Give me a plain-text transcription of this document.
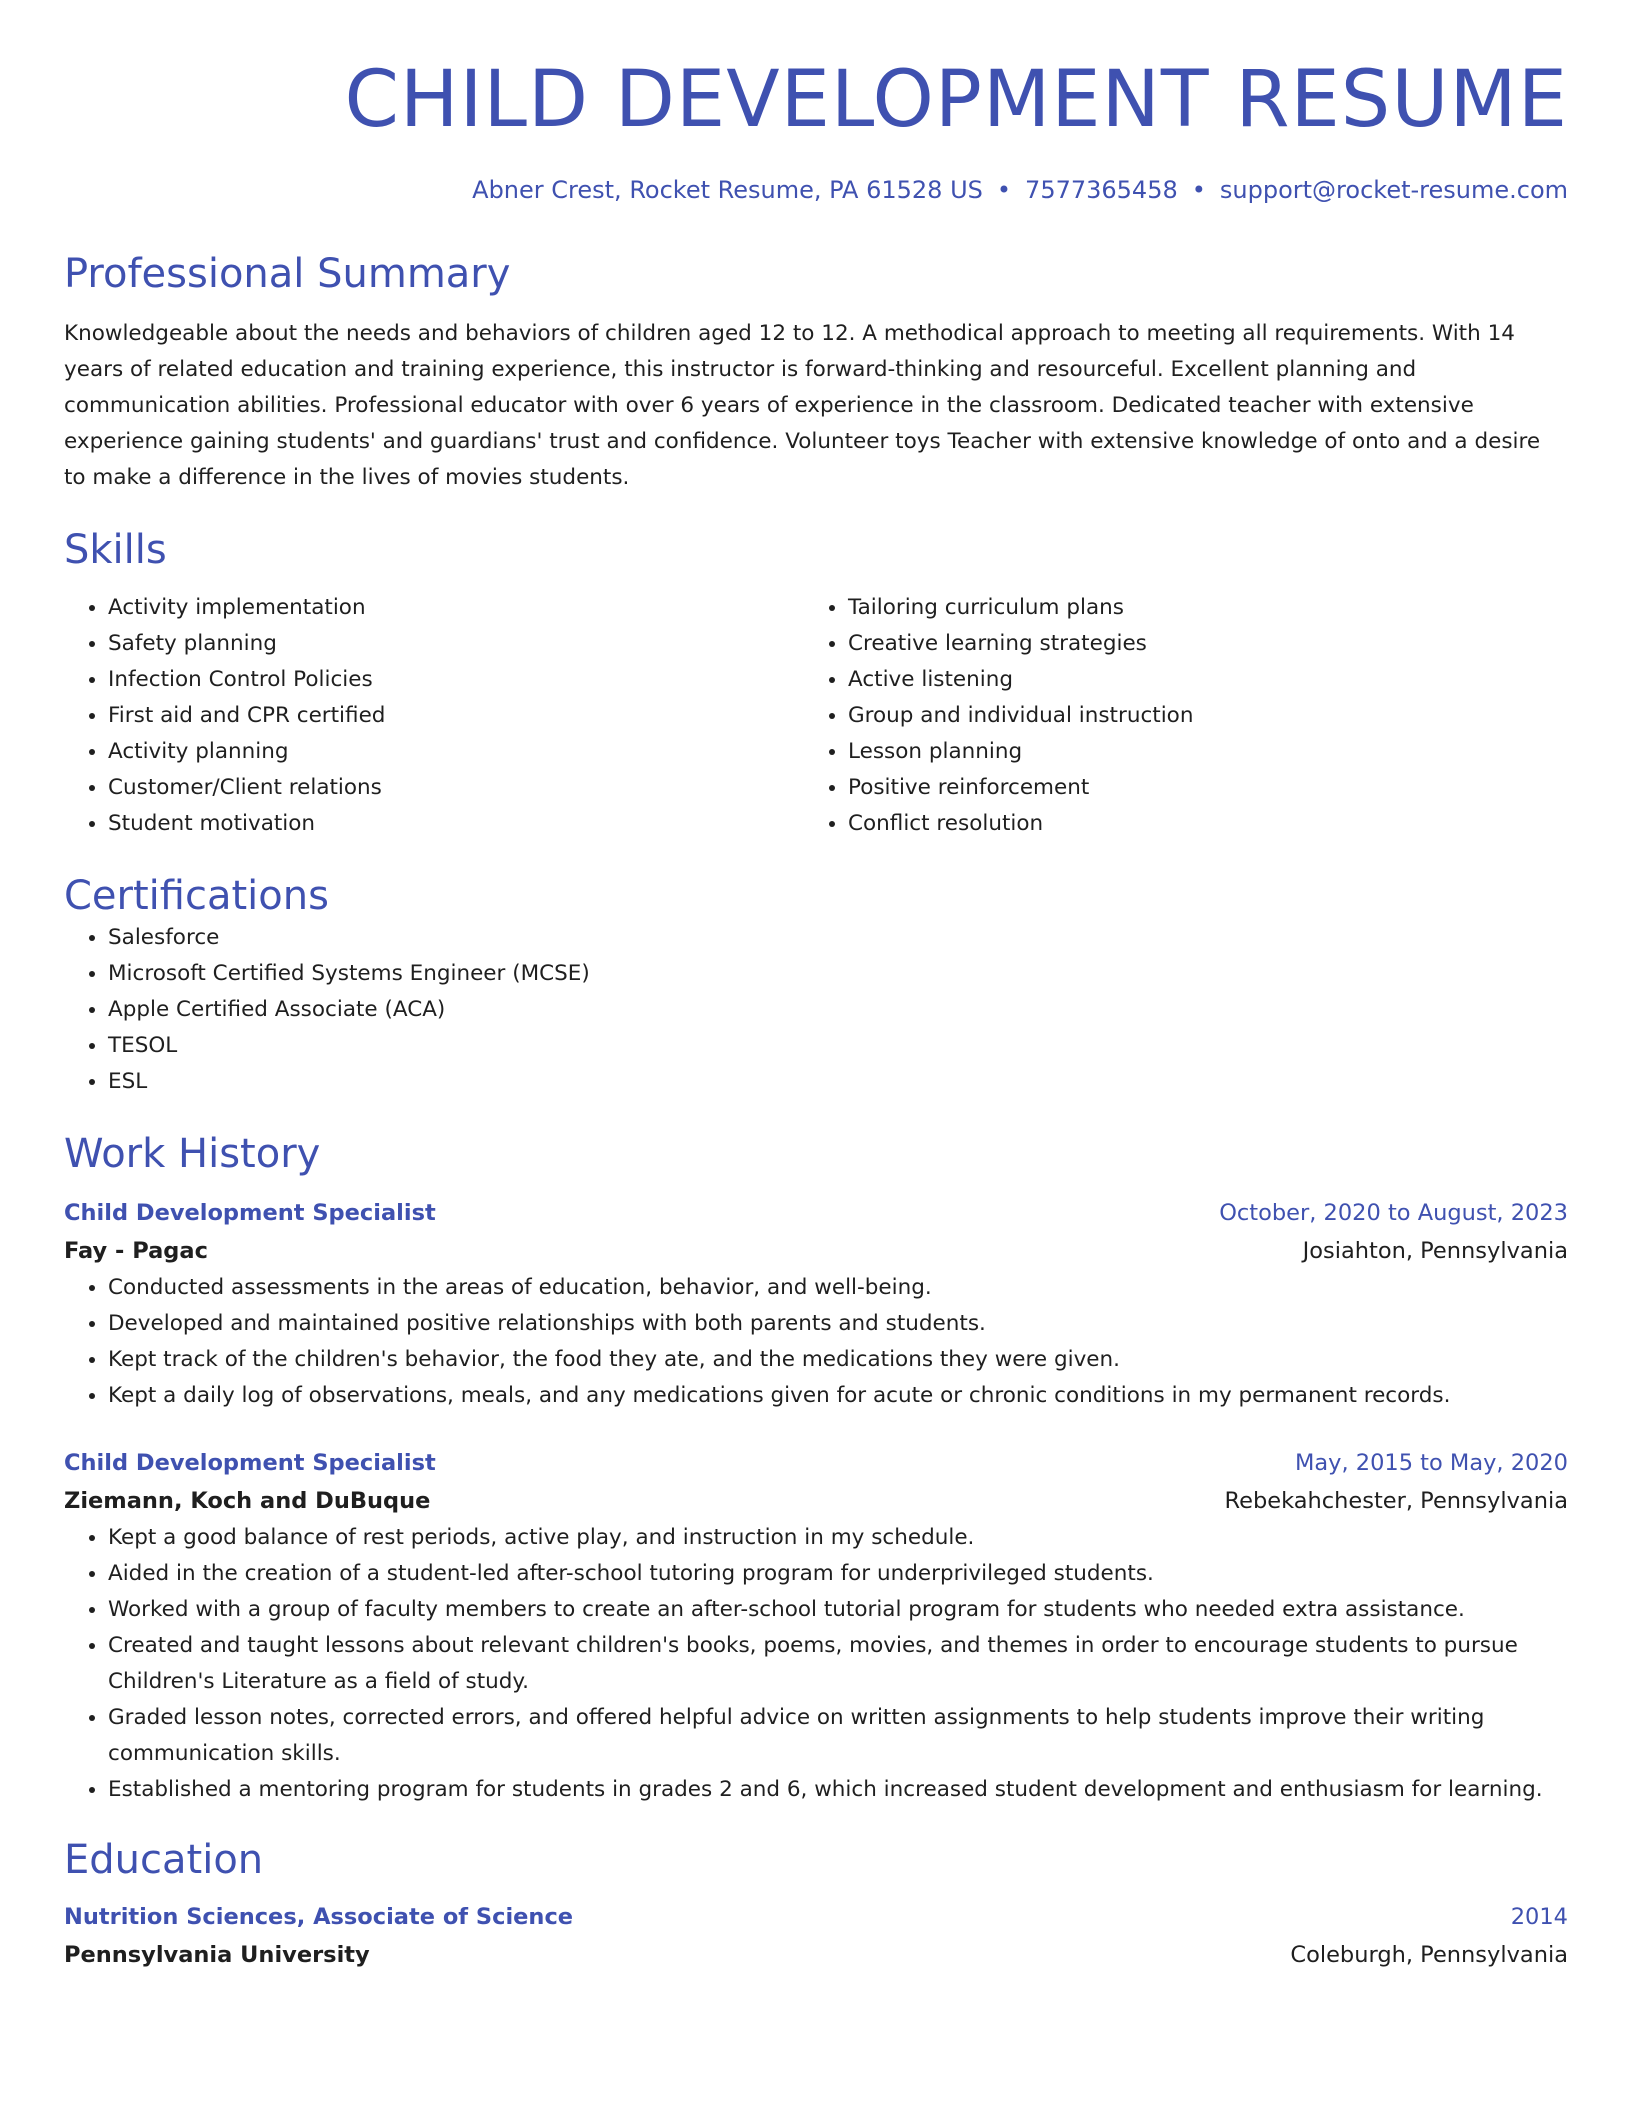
CHILD DEVELOPMENT RESUME
Abner Crest, Rocket Resume, PA 61528 US • 7577365458 • support@rocket-resume.com
Professional Summary

Knowledgeable about the needs and behaviors of children aged 12 to 12. A methodical approach to meeting all requirements. With 14 years of related education and training experience, this instructor is forward-thinking and resourceful. Excellent planning and communication abilities. Professional educator with over 6 years of experience in the classroom. Dedicated teacher with extensive experience gaining students' and guardians' trust and confidence. Volunteer toys Teacher with extensive knowledge of onto and a desire to make a difference in the lives of movies students.

Skills
• Activity implementation
• Safety planning
• Infection Control Policies
• First aid and CPR certified
• Activity planning
• Customer/Client relations
• Student motivation
• Tailoring curriculum plans
• Creative learning strategies
• Active listening
• Group and individual instruction
• Lesson planning
• Positive reinforcement
• Conflict resolution
Certifications
• Salesforce
• Microsoft Certified Systems Engineer (MCSE)
• Apple Certified Associate (ACA)
• TESOL
• ESL
Work History
Child Development Specialist	October, 2020 to August, 2023
Fay - Pagac	Josiahton, Pennsylvania
• Conducted assessments in the areas of education, behavior, and well-being.
• Developed and maintained positive relationships with both parents and students.
• Kept track of the children's behavior, the food they ate, and the medications they were given.
• Kept a daily log of observations, meals, and any medications given for acute or chronic conditions in my permanent records.
Child Development Specialist	May, 2015 to May, 2020
Ziemann, Koch and DuBuque	Rebekahchester, Pennsylvania
• Kept a good balance of rest periods, active play, and instruction in my schedule.
• Aided in the creation of a student-led after-school tutoring program for underprivileged students.
• Worked with a group of faculty members to create an after-school tutorial program for students who needed extra assistance.
• Created and taught lessons about relevant children's books, poems, movies, and themes in order to encourage students to pursue Children's Literature as a field of study.
• Graded lesson notes, corrected errors, and offered helpful advice on written assignments to help students improve their writing communication skills.
• Established a mentoring program for students in grades 2 and 6, which increased student development and enthusiasm for learning.
Education
Nutrition Sciences, Associate of Science	2014
Pennsylvania University	Coleburgh, Pennsylvania
